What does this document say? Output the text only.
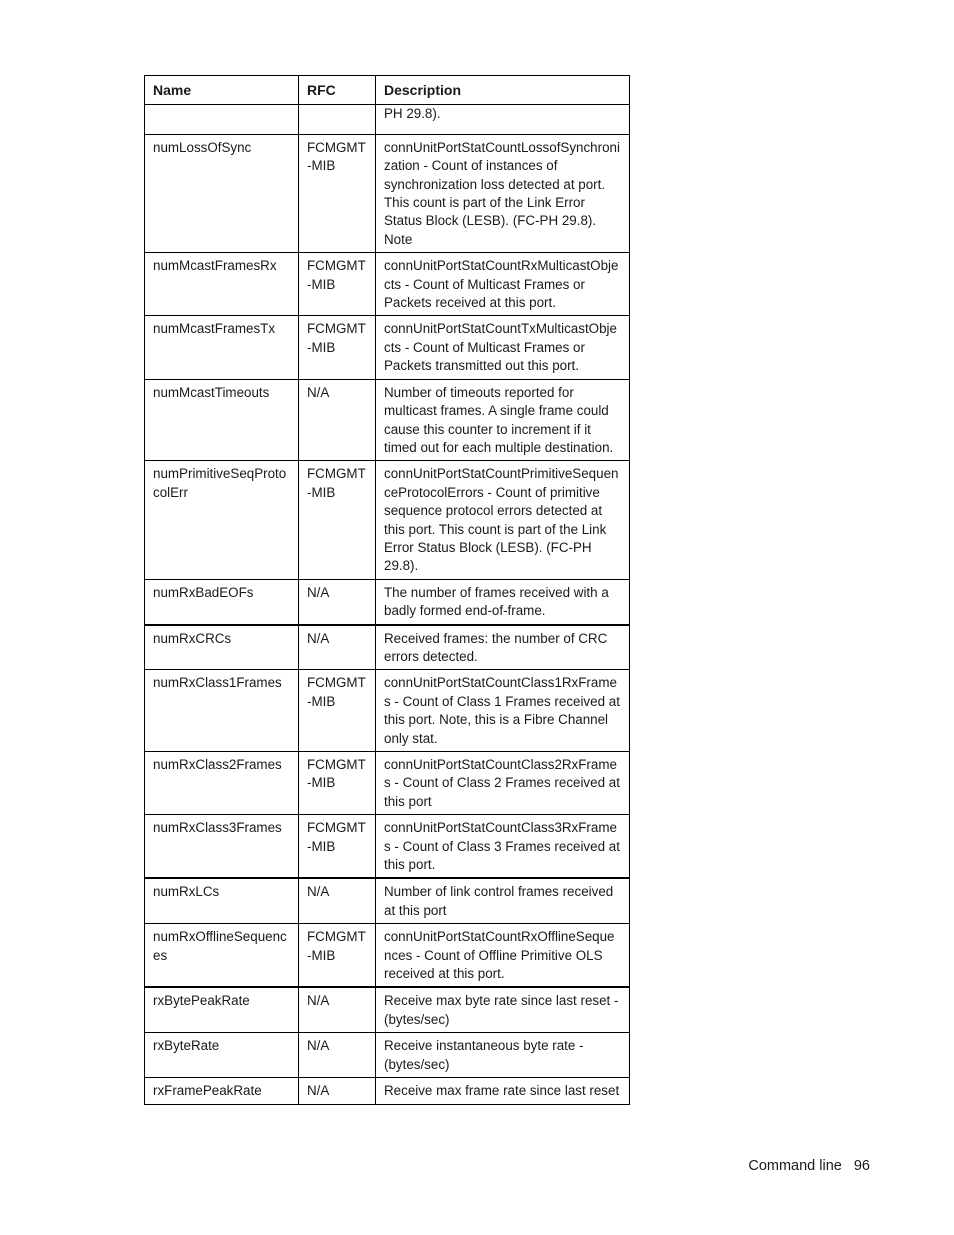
Name	RFC	Description
		PH 29.8).
numLossOfSync	FCMGMT -MIB	connUnitPortStatCountLossofSynchronization - Count of instances of synchronization loss detected at port. This count is part of the Link Error Status Block (LESB). (FC-PH 29.8). Note
numMcastFramesRx	FCMGMT -MIB	connUnitPortStatCountRxMulticastObjects - Count of Multicast Frames or Packets received at this port.
numMcastFramesTx	FCMGMT -MIB	connUnitPortStatCountTxMulticastObjects - Count of Multicast Frames or Packets transmitted out this port.
numMcastTimeouts	N/A	Number of timeouts reported for multicast frames. A single frame could cause this counter to increment if it timed out for each multiple destination.
numPrimitiveSeqProtocolErr	FCMGMT -MIB	connUnitPortStatCountPrimitiveSequenceProtocolErrors - Count of primitive sequence protocol errors detected at this port. This count is part of the Link Error Status Block (LESB). (FC-PH 29.8).
numRxBadEOFs	N/A	The number of frames received with a badly formed end-of-frame.
numRxCRCs	N/A	Received frames: the number of CRC errors detected.
numRxClass1Frames	FCMGMT -MIB	connUnitPortStatCountClass1RxFrames - Count of Class 1 Frames received at this port. Note, this is a Fibre Channel only stat.
numRxClass2Frames	FCMGMT -MIB	connUnitPortStatCountClass2RxFrames - Count of Class 2 Frames received at this port
numRxClass3Frames	FCMGMT -MIB	connUnitPortStatCountClass3RxFrames - Count of Class 3 Frames received at this port.
numRxLCs	N/A	Number of link control frames received at this port
numRxOfflineSequences	FCMGMT -MIB	connUnitPortStatCountRxOfflineSequences - Count of Offline Primitive OLS received at this port.
rxBytePeakRate	N/A	Receive max byte rate since last reset - (bytes/sec)
rxByteRate	N/A	Receive instantaneous byte rate - (bytes/sec)
rxFramePeakRate	N/A	Receive max frame rate since last reset
Command line 96
